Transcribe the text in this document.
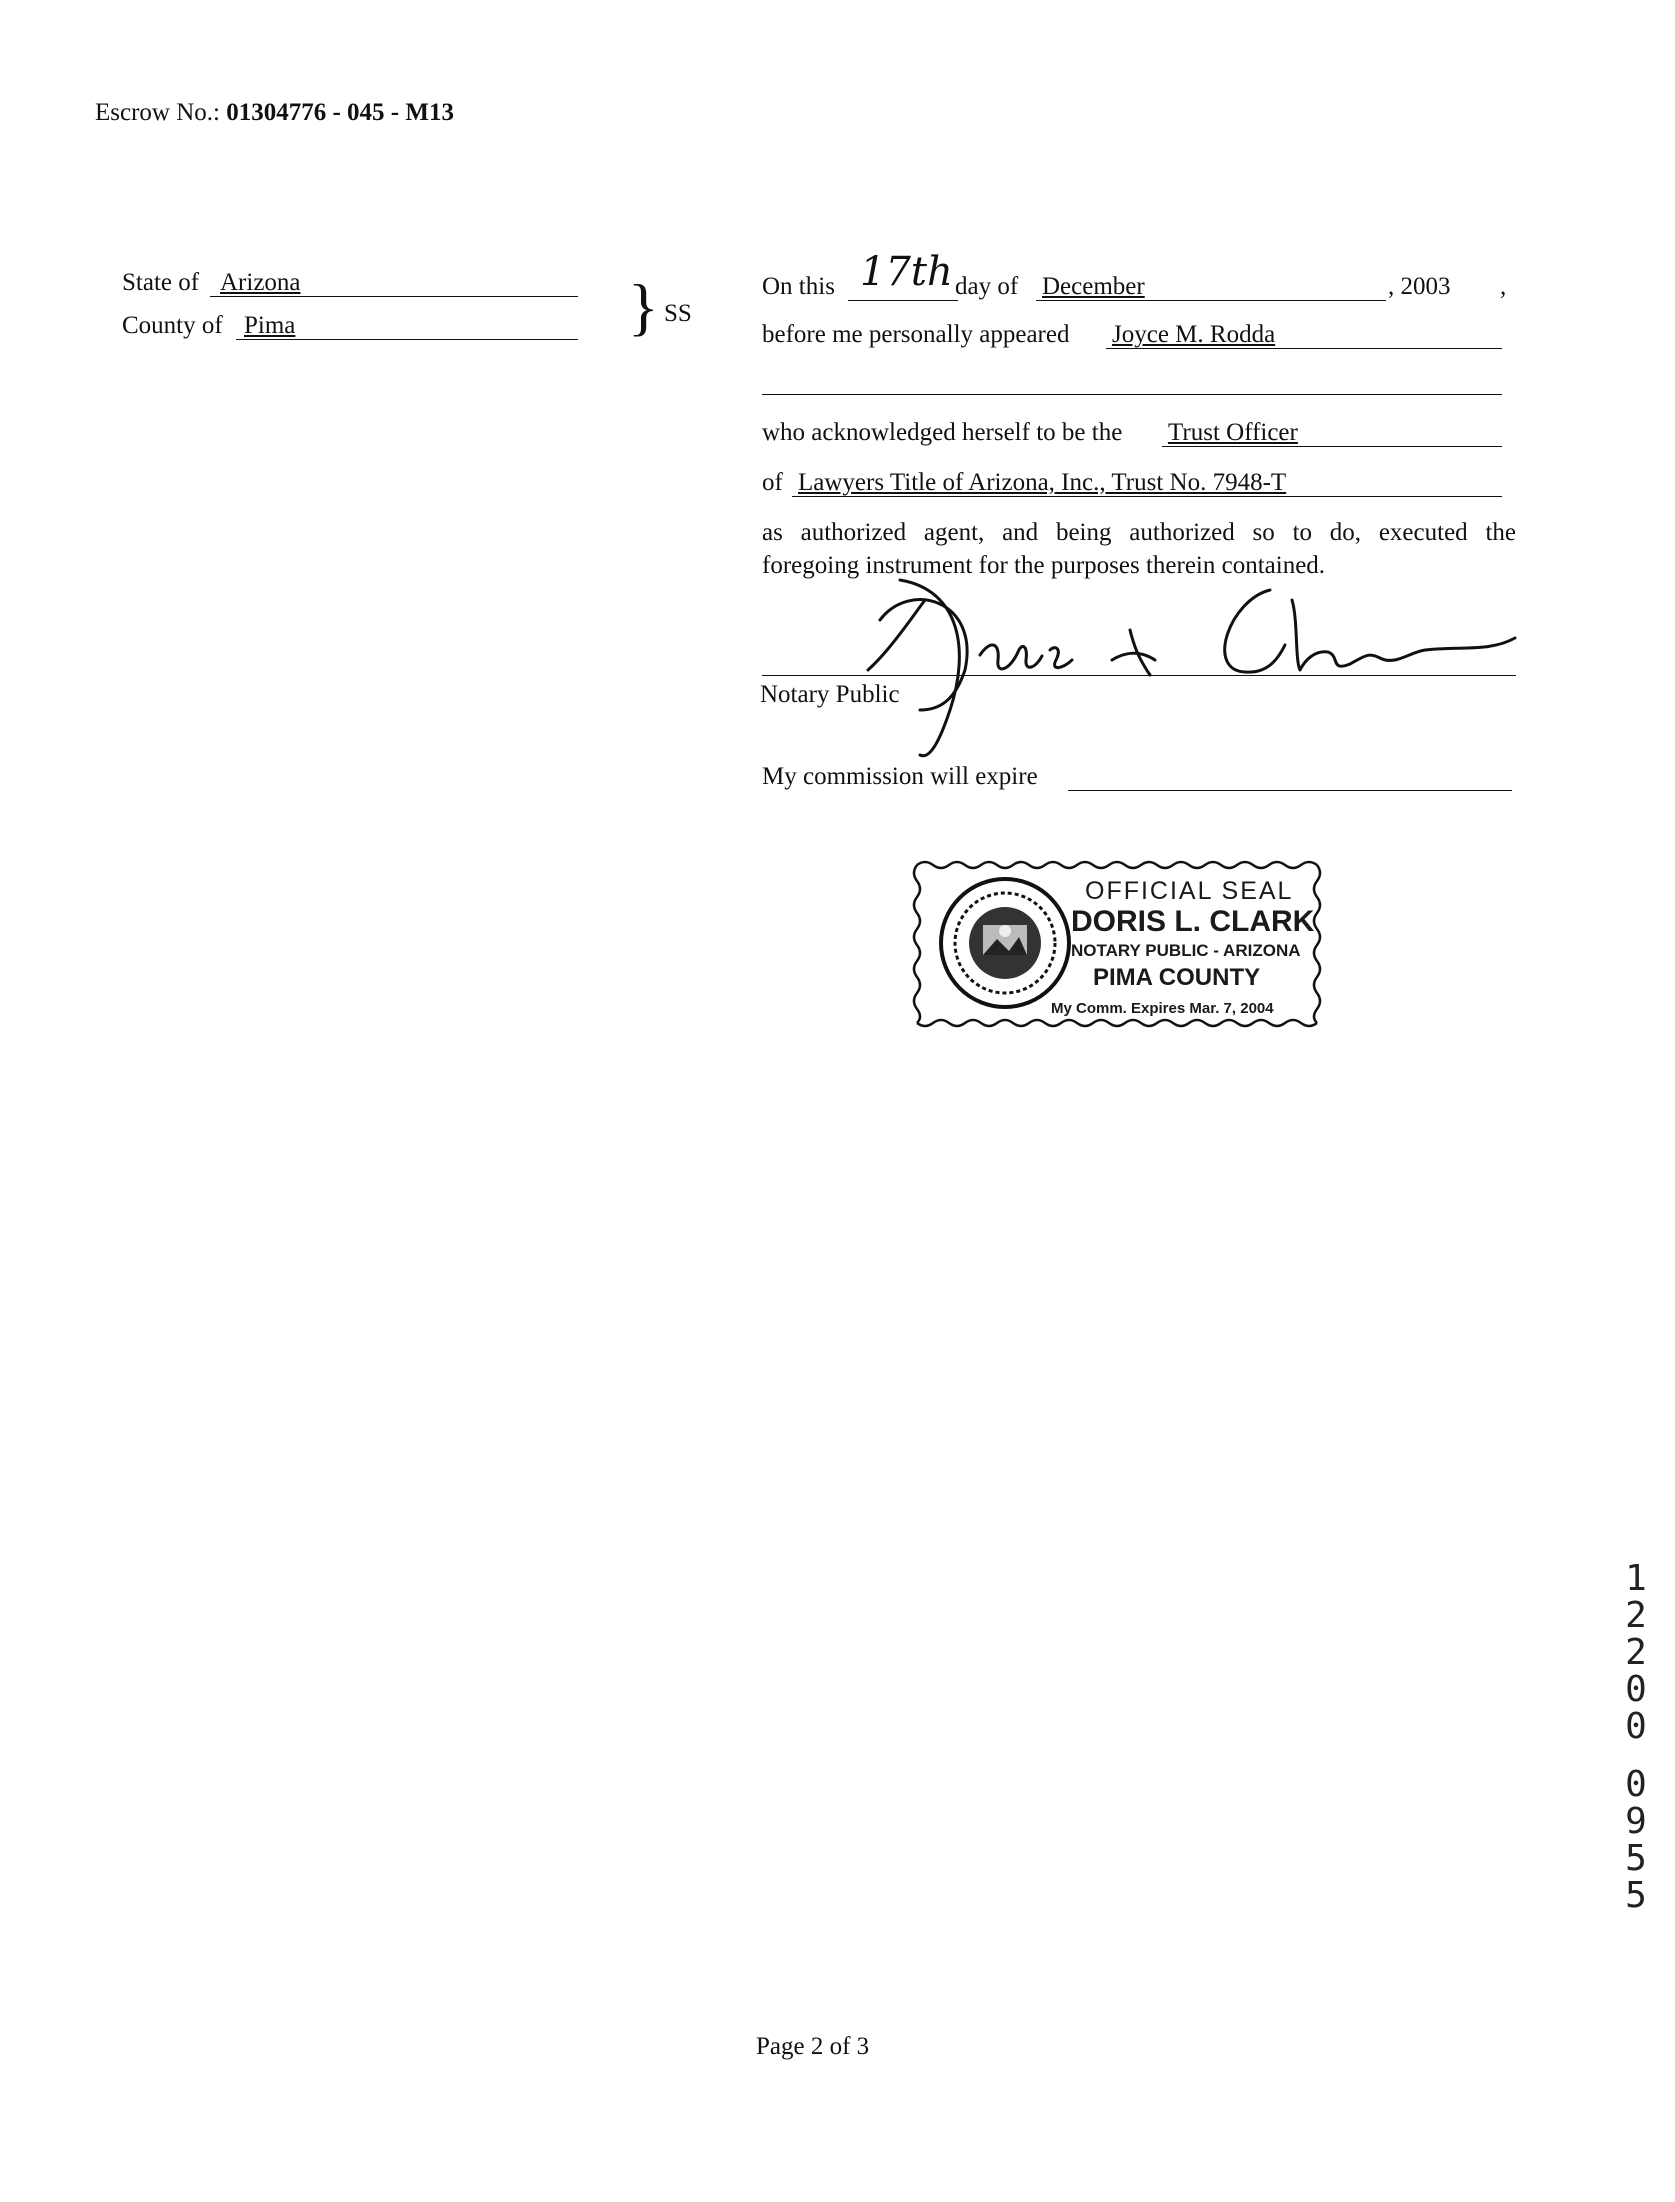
Escrow No.: 01304776 - 045 - M13
State of Arizona
County of Pima	} SS
On this 17th day of December	, 2003 ,
before me personally appeared Joyce M. Rodda
who acknowledged herself to be the Trust Officer
of Lawyers Title of Arizona, Inc., Trust No. 7948-T
as authorized agent, and being authorized so to do, executed the
foregoing instrument for the purposes therein contained.
Notary Public
My commission will expire
OFFICIAL SEAL
DORIS L. CLARK
NOTARY PUBLIC - ARIZONA
PIMA COUNTY
My Comm. Expires Mar. 7, 2004
1
2
2
0
0
0
9
5
5
Page 2 of 3
